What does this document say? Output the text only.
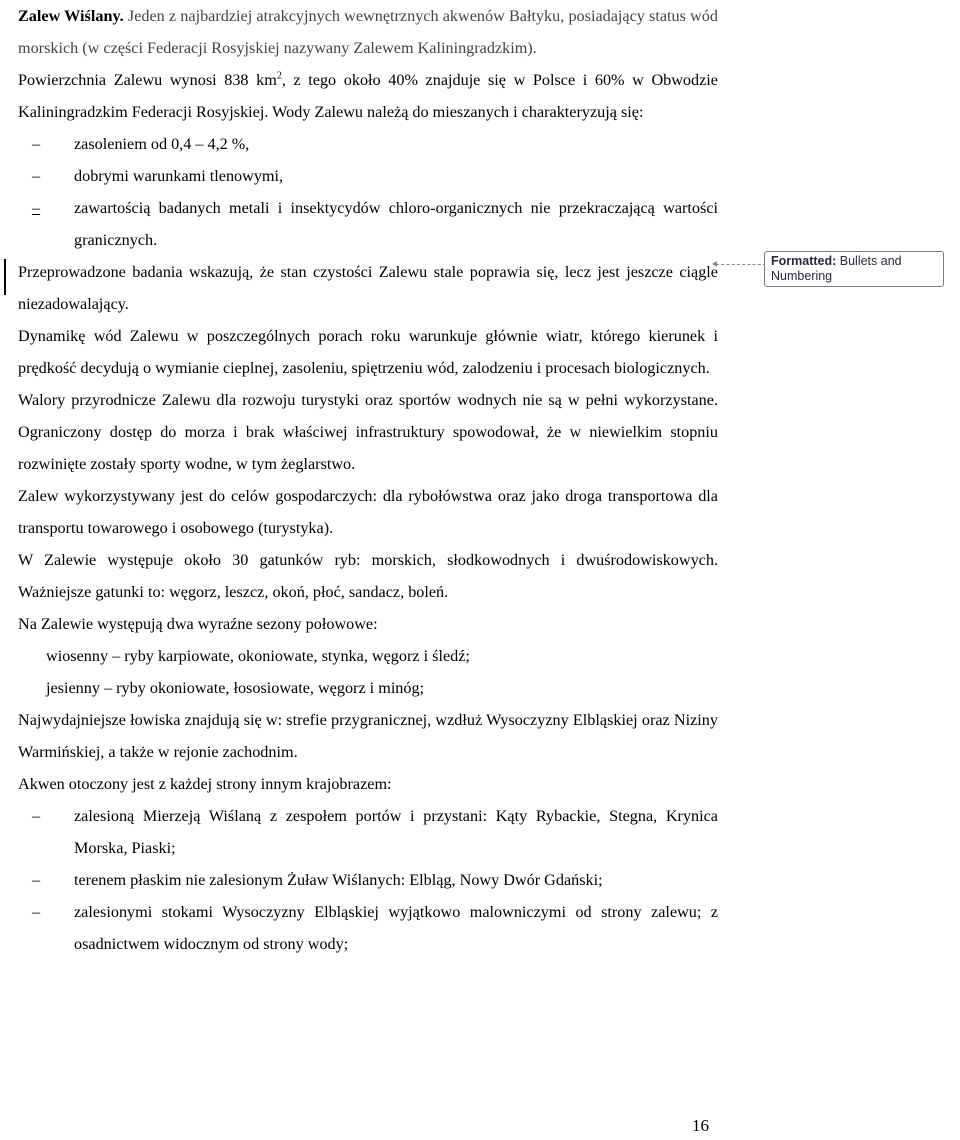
Zalew Wiślany. Jeden z najbardziej atrakcyjnych wewnętrznych akwenów Bałtyku, posiadający status wód morskich (w części Federacji Rosyjskiej nazywany Zalewem Kaliningradzkim).

Powierzchnia Zalewu wynosi 838 $km^2$, z tego około 40% znajduje się w Polsce i 60% w Obwodzie Kaliningradzkim Federacji Rosyjskiej. Wody Zalewu należą do mieszanych i charakteryzują się:

–	zasoleniem od 0,4 – 4,2 %,
–	dobrymi warunkami tlenowymi,
–	zawartością badanych metali i insektycydów chloro-organicznych nie przekraczającą wartości granicznych.

Przeprowadzone badania wskazują, że stan czystości Zalewu stale poprawia się, lecz jest jeszcze ciągle niezadowalający.

Dynamikę wód Zalewu w poszczególnych porach roku warunkuje głównie wiatr, którego kierunek i prędkość decydują o wymianie cieplnej, zasoleniu, spiętrzeniu wód, zalodzeniu i procesach biologicznych.

Walory przyrodnicze Zalewu dla rozwoju turystyki oraz sportów wodnych nie są w pełni wykorzystane. Ograniczony dostęp do morza i brak właściwej infrastruktury spowodował, że w niewielkim stopniu rozwinięte zostały sporty wodne, w tym żeglarstwo.

Zalew wykorzystywany jest do celów gospodarczych: dla rybołówstwa oraz jako droga transportowa dla transportu towarowego i osobowego (turystyka).

W Zalewie występuje około 30 gatunków ryb: morskich, słodkowodnych i dwuśrodowiskowych. Ważniejsze gatunki to: węgorz, leszcz, okoń, płoć, sandacz, boleń.

Na Zalewie występują dwa wyraźne sezony połowowe:

wiosenny – ryby karpiowate, okoniowate, stynka, węgorz i śledź;
jesienny – ryby okoniowate, łososiowate, węgorz i minóg;

Najwydajniejsze łowiska znajdują się w: strefie przygranicznej, wzdłuż Wysoczyzny Elbląskiej oraz Niziny Warmińskiej, a także w rejonie zachodnim.

Akwen otoczony jest z każdej strony innym krajobrazem:

–	zalesioną Mierzeją Wiślaną z zespołem portów i przystani: Kąty Rybackie, Stegna, Krynica Morska, Piaski;
–	terenem płaskim nie zalesionym Żuław Wiślanych: Elbląg, Nowy Dwór Gdański;
–	zalesionymi stokami Wysoczyzny Elbląskiej wyjątkowo malowniczymi od strony zalewu; z osadnictwem widocznym od strony wody;
Formatted: Bullets and Numbering
16
